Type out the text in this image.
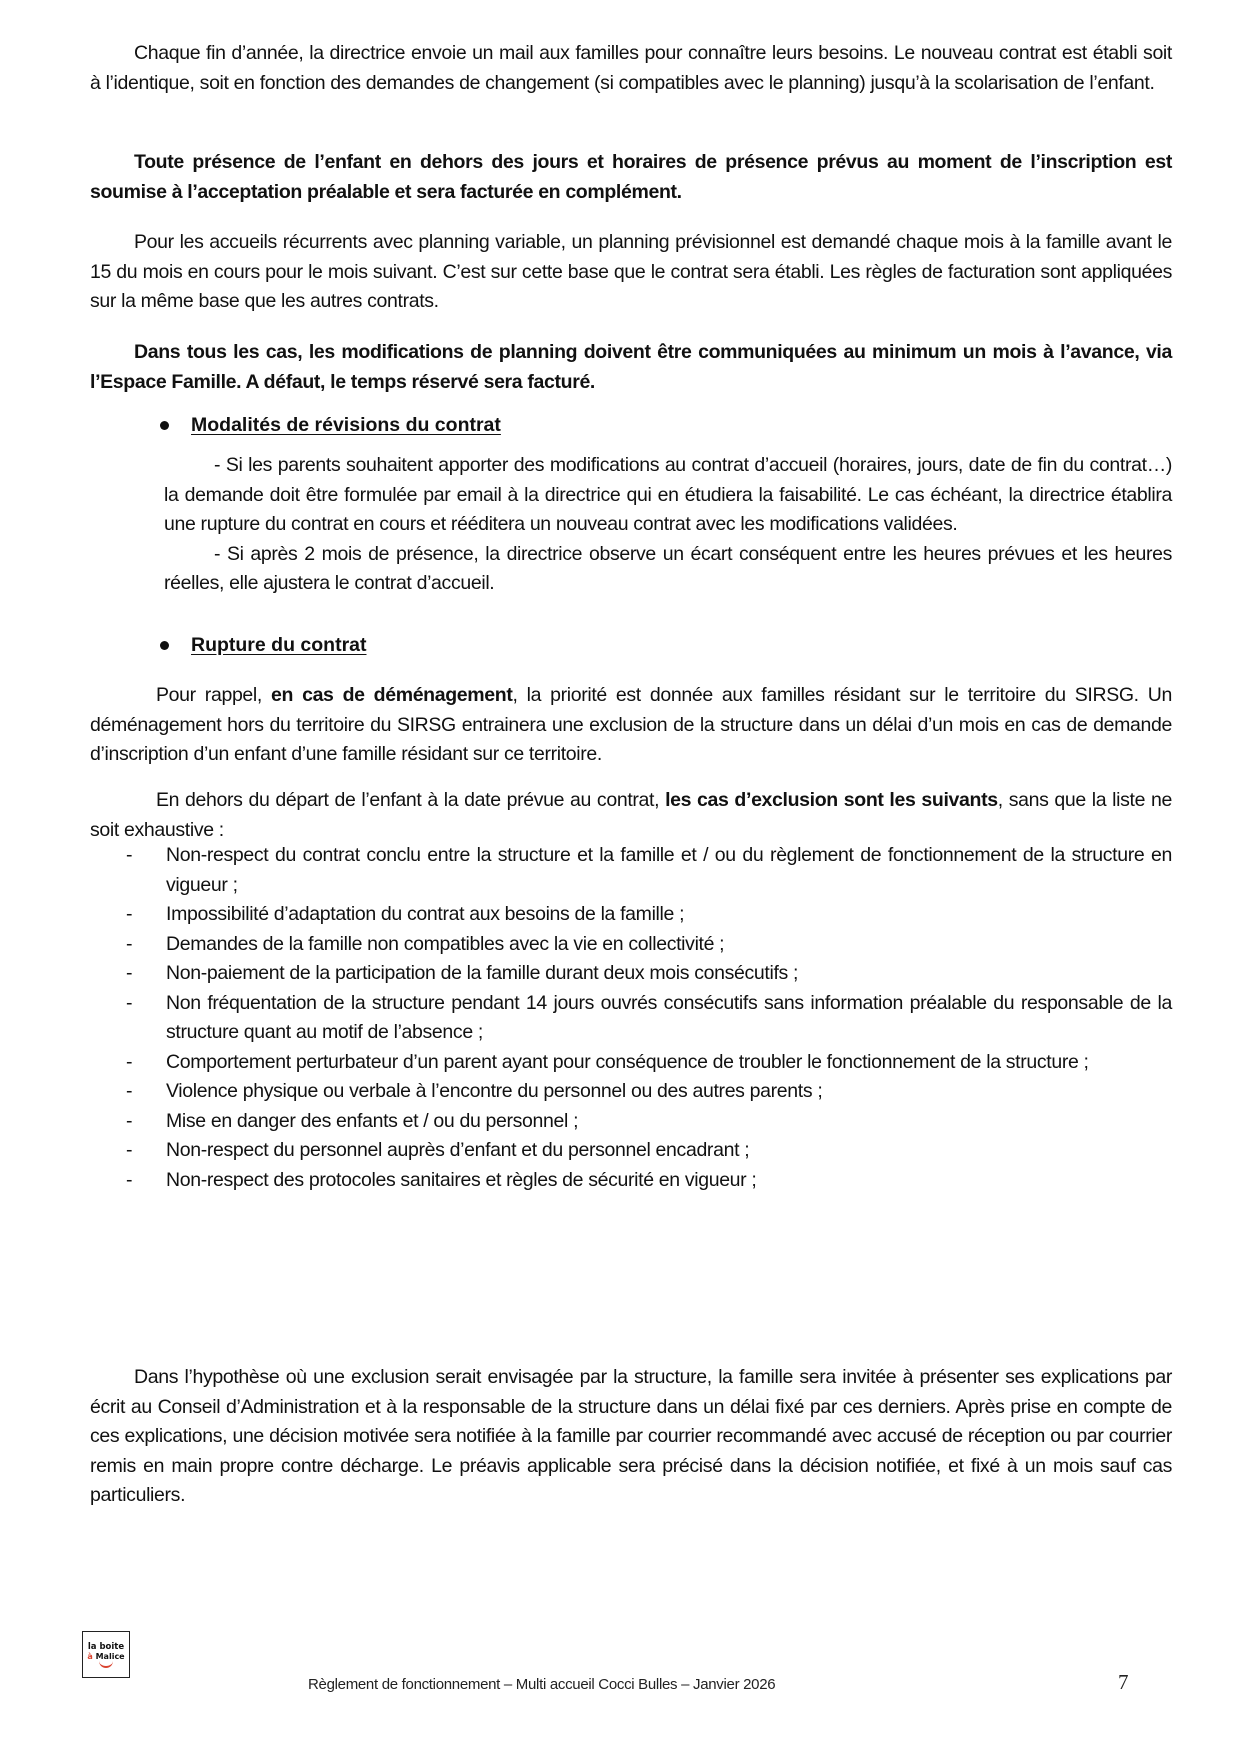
Chaque fin d’année, la directrice envoie un mail aux familles pour connaître leurs besoins. Le nouveau contrat est établi soit à l’identique, soit en fonction des demandes de changement (si compatibles avec le planning) jusqu’à la scolarisation de l’enfant.

Toute présence de l’enfant en dehors des jours et horaires de présence prévus au moment de l’inscription est soumise à l’acceptation préalable et sera facturée en complément.

Pour les accueils récurrents avec planning variable, un planning prévisionnel est demandé chaque mois à la famille avant le 15 du mois en cours pour le mois suivant. C’est sur cette base que le contrat sera établi. Les règles de facturation sont appliquées sur la même base que les autres contrats.

Dans tous les cas, les modifications de planning doivent être communiquées au minimum un mois à l’avance, via l’Espace Famille. A défaut, le temps réservé sera facturé.

Modalités de révisions du contrat

- Si les parents souhaitent apporter des modifications au contrat d’accueil (horaires, jours, date de fin du contrat…) la demande doit être formulée par email à la directrice qui en étudiera la faisabilité. Le cas échéant, la directrice établira une rupture du contrat en cours et rééditera un nouveau contrat avec les modifications validées.

- Si après 2 mois de présence, la directrice observe un écart conséquent entre les heures prévues et les heures réelles, elle ajustera le contrat d’accueil.

Rupture du contrat

Pour rappel, en cas de déménagement, la priorité est donnée aux familles résidant sur le territoire du SIRSG. Un déménagement hors du territoire du SIRSG entrainera une exclusion de la structure dans un délai d’un mois en cas de demande d’inscription d’un enfant d’une famille résidant sur ce territoire.

En dehors du départ de l’enfant à la date prévue au contrat, les cas d’exclusion sont les suivants, sans que la liste ne soit exhaustive :

- Non-respect du contrat conclu entre la structure et la famille et / ou du règlement de fonctionnement de la structure en vigueur ;
- Impossibilité d’adaptation du contrat aux besoins de la famille ;
- Demandes de la famille non compatibles avec la vie en collectivité ;
- Non-paiement de la participation de la famille durant deux mois consécutifs ;
- Non fréquentation de la structure pendant 14 jours ouvrés consécutifs sans information préalable du responsable de la structure quant au motif de l’absence ;
- Comportement perturbateur d’un parent ayant pour conséquence de troubler le fonctionnement de la structure ;
- Violence physique ou verbale à l’encontre du personnel ou des autres parents ;
- Mise en danger des enfants et / ou du personnel ;
- Non-respect du personnel auprès d’enfant et du personnel encadrant ;
- Non-respect des protocoles sanitaires et règles de sécurité en vigueur ;

Dans l’hypothèse où une exclusion serait envisagée par la structure, la famille sera invitée à présenter ses explications par écrit au Conseil d’Administration et à la responsable de la structure dans un délai fixé par ces derniers. Après prise en compte de ces explications, une décision motivée sera notifiée à la famille par courrier recommandé avec accusé de réception ou par courrier remis en main propre contre décharge. Le préavis applicable sera précisé dans la décision notifiée, et fixé à un mois sauf cas particuliers.

la boite
à Malice
Règlement de fonctionnement – Multi accueil Cocci Bulles – Janvier 2026	7
